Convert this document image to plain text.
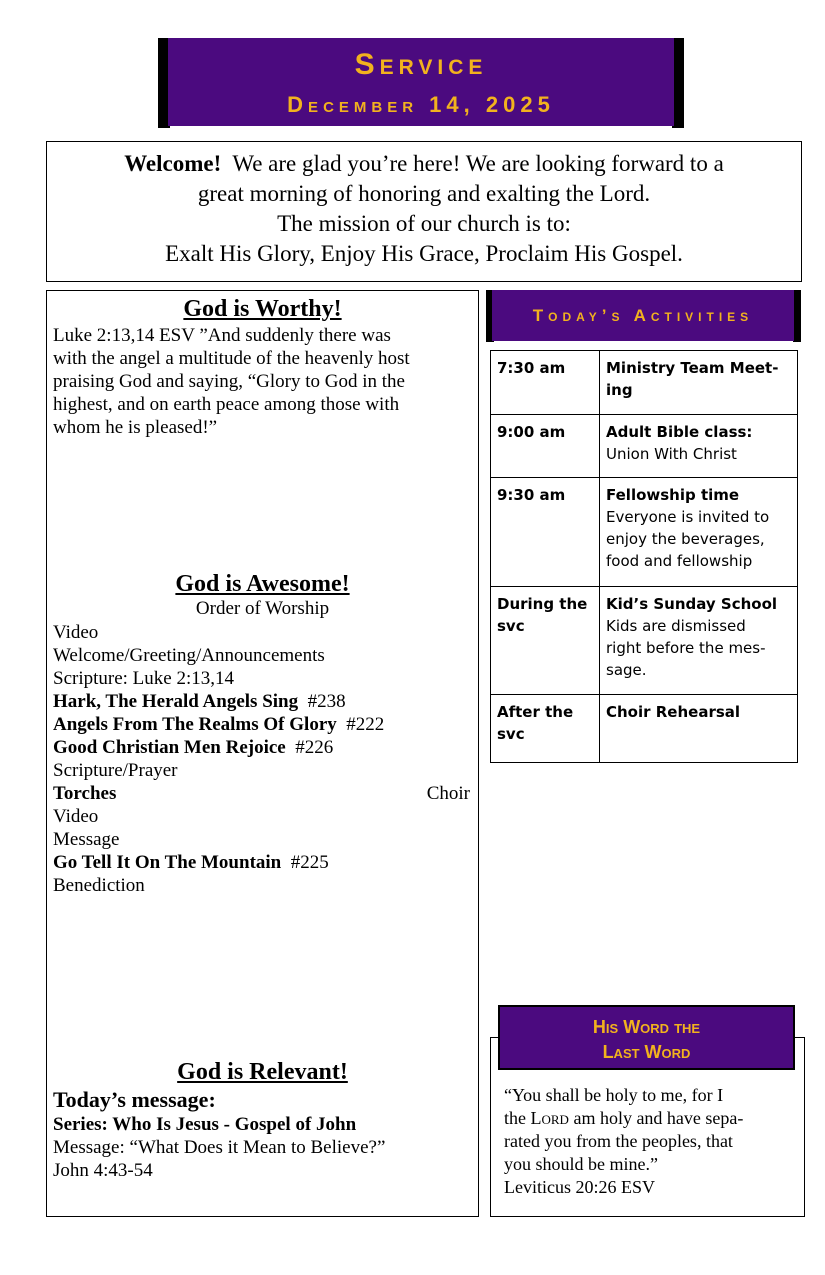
Service
December 14, 2025
Welcome! We are glad you’re here! We are looking forward to a
great morning of honoring and exalting the Lord.
The mission of our church is to:
Exalt His Glory, Enjoy His Grace, Proclaim His Gospel.
God is Worthy!
Luke 2:13,14 ESV ”And suddenly there was
with the angel a multitude of the heavenly host
praising God and saying, “Glory to God in the
highest, and on earth peace among those with
whom he is pleased!”
God is Awesome!
Order of Worship
Video
Welcome/Greeting/Announcements
Scripture: Luke 2:13,14
Hark, The Herald Angels Sing  #238
Angels From The Realms Of Glory  #222
Good Christian Men Rejoice  #226
Scripture/Prayer
Torches	Choir
Video
Message
Go Tell It On The Mountain  #225
Benediction
God is Relevant!
Today’s message:
Series: Who Is Jesus - Gospel of John
Message: “What Does it Mean to Believe?”
John 4:43-54
Today’s Activities
7:30 am	Ministry Team Meet-
ing

9:00 am	Adult Bible class:
Union With Christ

9:30 am	Fellowship time
Everyone is invited to enjoy the beverages, food and fellowship

During the svc	Kid’s Sunday School
Kids are dismissed
right before the mes-
sage.

After the svc	Choir Rehearsal
His Word the
Last Word
“You shall be holy to me, for I
the Lord am holy and have sepa-
rated you from the peoples, that
you should be mine.”
Leviticus 20:26 ESV
